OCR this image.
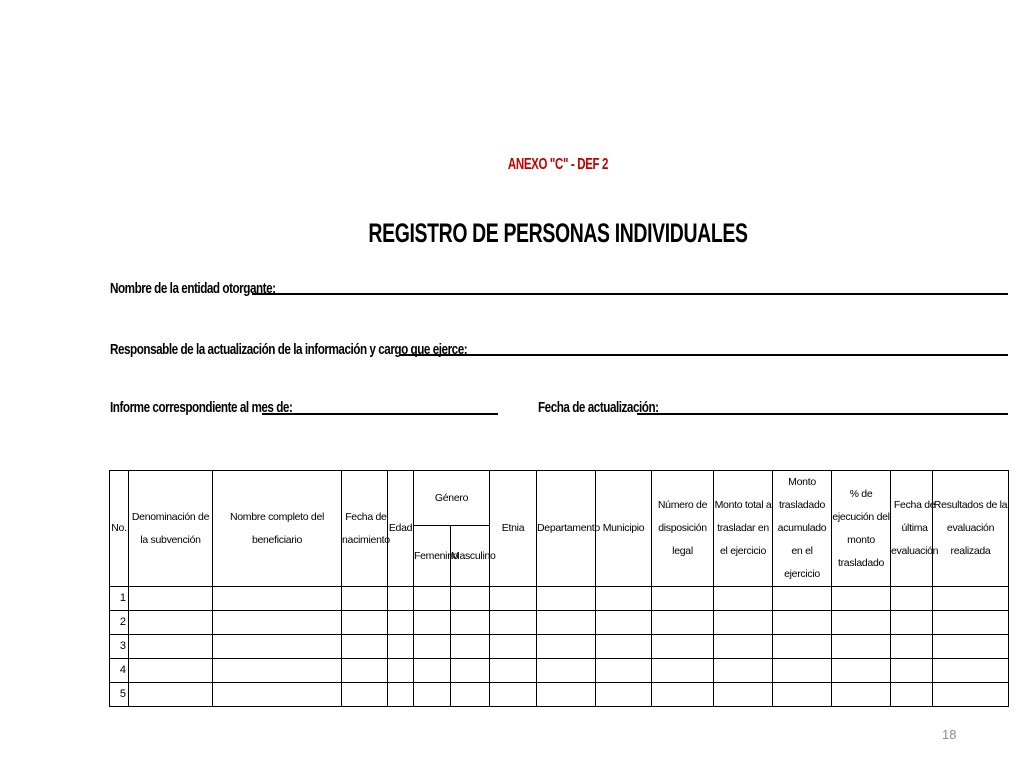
ANEXO "C" - DEF 2
REGISTRO DE PERSONAS INDIVIDUALES
Nombre de la entidad otorgante:
Responsable de la actualización de la información y cargo que ejerce:
Informe correspondiente al mes de:	Fecha de actualización:
No.	Denominación de la subvención	Nombre completo del beneficiario	Fecha de nacimiento	Edad	Género		Etnia	Departamento	Municipio	Número de disposición legal	Monto total a trasladar en el ejercicio	Monto trasladado acumulado en el ejercicio	% de ejecución del monto trasladado	Fecha de última evaluación	Resultados de la evaluación realizada
					Femenino	Masculino									
1															
2															
3															
4															
5															
18
